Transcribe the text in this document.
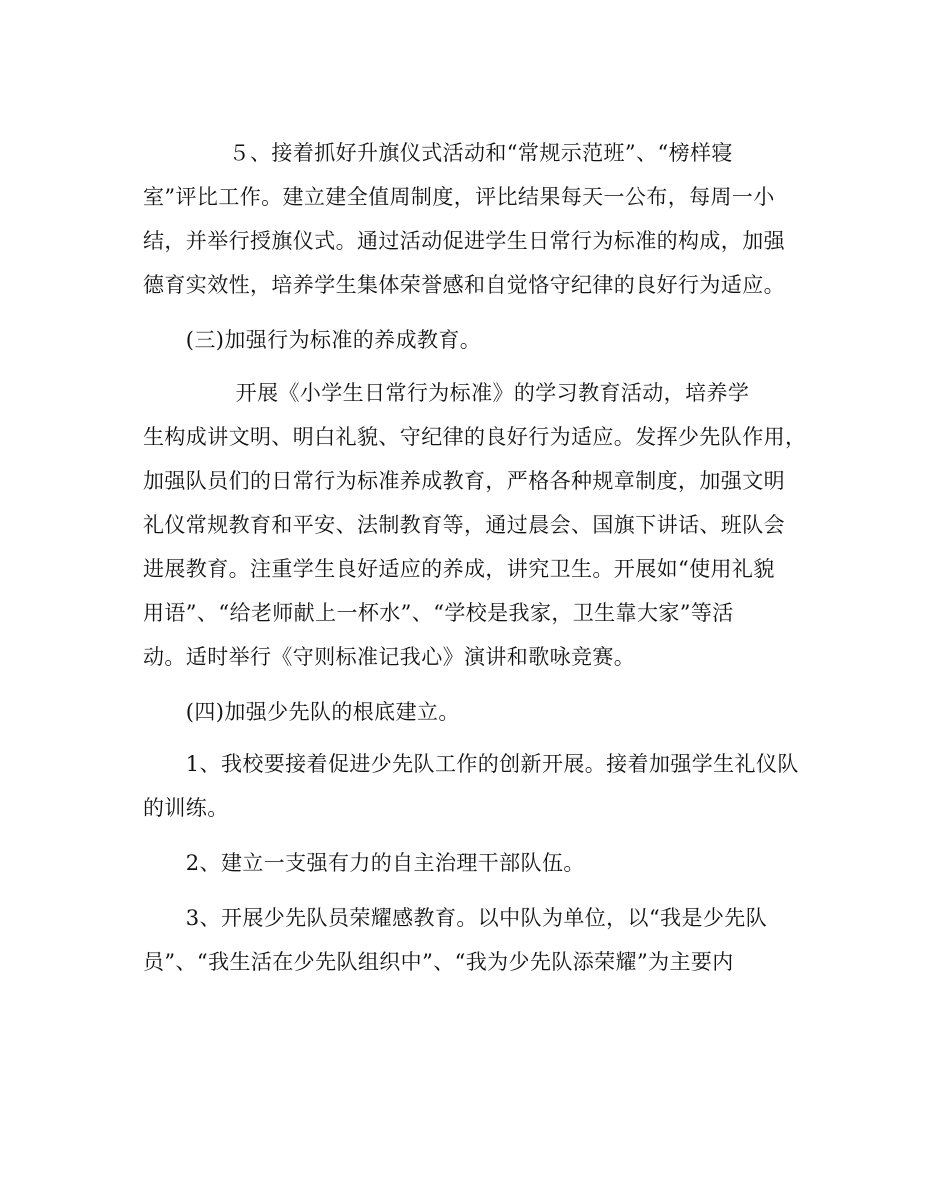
　　　　５、接着抓好升旗仪式活动和“常规示范班”、“榜样寝
室”评比工作。建立建全值周制度，评比结果每天一公布，每周一小
结，并举行授旗仪式。通过活动促进学生日常行为标准的构成，加强
德育实效性，培养学生集体荣誉感和自觉恪守纪律的良好行为适应。
　　(三)加强行为标准的养成教育。
　　　　 开展《小学生日常行为标准》的学习教育活动，培养学
生构成讲文明、明白礼貌、守纪律的良好行为适应。发挥少先队作用，
加强队员们的日常行为标准养成教育，严格各种规章制度，加强文明
礼仪常规教育和平安、法制教育等，通过晨会、国旗下讲话、班队会
进展教育。注重学生良好适应的养成，讲究卫生。开展如“使用礼貌
用语”、“给老师献上一杯水”、“学校是我家，卫生靠大家”等活
动。适时举行《守则标准记我心》演讲和歌咏竞赛。
　　(四)加强少先队的根底建立。
　　1、我校要接着促进少先队工作的创新开展。接着加强学生礼仪队
的训练。
　　2、建立一支强有力的自主治理干部队伍。
　　3、开展少先队员荣耀感教育。以中队为单位，以“我是少先队
员”、“我生活在少先队组织中”、“我为少先队添荣耀”为主要内
